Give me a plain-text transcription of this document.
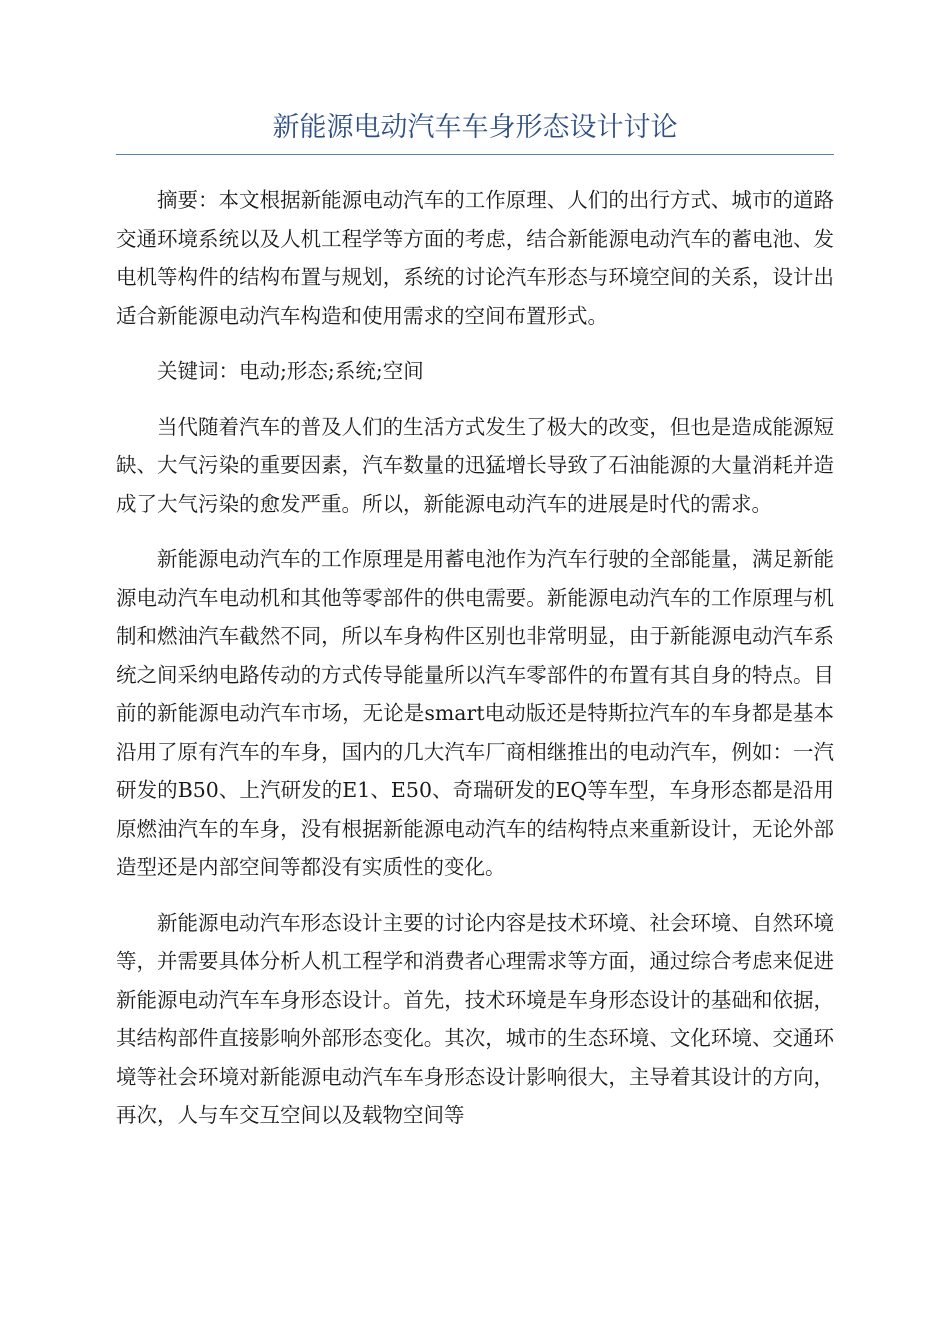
新能源电动汽车车身形态设计讨论

摘要：本文根据新能源电动汽车的工作原理、人们的出行方式、城市的道路交通环境系统以及人机工程学等方面的考虑，结合新能源电动汽车的蓄电池、发电机等构件的结构布置与规划，系统的讨论汽车形态与环境空间的关系，设计出适合新能源电动汽车构造和使用需求的空间布置形式。

关键词：电动;形态;系统;空间

当代随着汽车的普及人们的生活方式发生了极大的改变，但也是造成能源短缺、大气污染的重要因素，汽车数量的迅猛增长导致了石油能源的大量消耗并造成了大气污染的愈发严重。所以，新能源电动汽车的进展是时代的需求。

新能源电动汽车的工作原理是用蓄电池作为汽车行驶的全部能量，满足新能源电动汽车电动机和其他等零部件的供电需要。新能源电动汽车的工作原理与机制和燃油汽车截然不同，所以车身构件区别也非常明显，由于新能源电动汽车系统之间采纳电路传动的方式传导能量所以汽车零部件的布置有其自身的特点。目前的新能源电动汽车市场，无论是smart电动版还是特斯拉汽车的车身都是基本沿用了原有汽车的车身，国内的几大汽车厂商相继推出的电动汽车，例如：一汽研发的B50、上汽研发的E1、E50、奇瑞研发的EQ等车型，车身形态都是沿用原燃油汽车的车身，没有根据新能源电动汽车的结构特点来重新设计，无论外部造型还是内部空间等都没有实质性的变化。

新能源电动汽车形态设计主要的讨论内容是技术环境、社会环境、自然环境等，并需要具体分析人机工程学和消费者心理需求等方面，通过综合考虑来促进新能源电动汽车车身形态设计。首先，技术环境是车身形态设计的基础和依据，其结构部件直接影响外部形态变化。其次，城市的生态环境、文化环境、交通环境等社会环境对新能源电动汽车车身形态设计影响很大，主导着其设计的方向，再次，人与车交互空间以及载物空间等
